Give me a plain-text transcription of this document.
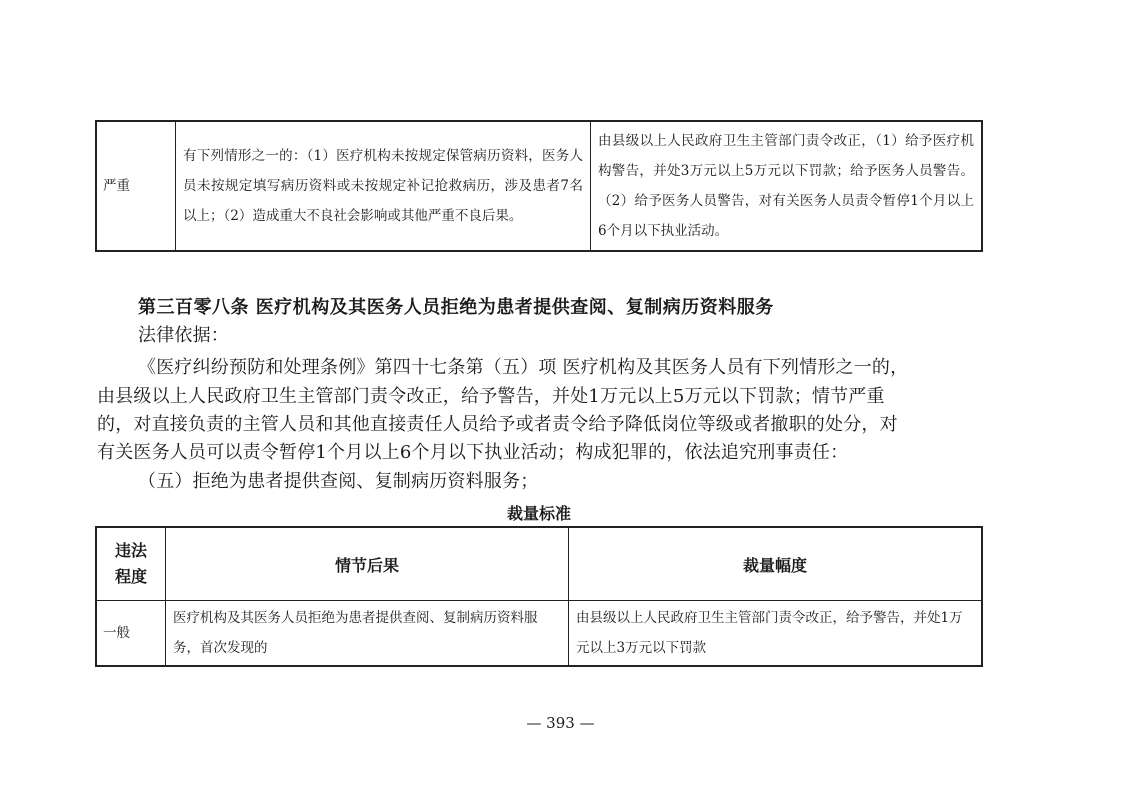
严重	有下列情形之一的：（1）医疗机构未按规定保管病历资料，医务人员未按规定填写病历资料或未按规定补记抢救病历，涉及患者7名以上；（2）造成重大不良社会影响或其他严重不良后果。	由县级以上人民政府卫生主管部门责令改正，（1）给予医疗机构警告，并处3万元以上5万元以下罚款；给予医务人员警告。（2）给予医务人员警告，对有关医务人员责令暂停1个月以上6个月以下执业活动。
第三百零八条 医疗机构及其医务人员拒绝为患者提供查阅、复制病历资料服务
法律依据：
《医疗纠纷预防和处理条例》第四十七条第（五）项 医疗机构及其医务人员有下列情形之一的，
由县级以上人民政府卫生主管部门责令改正，给予警告，并处1万元以上5万元以下罚款；情节严重
的，对直接负责的主管人员和其他直接责任人员给予或者责令给予降低岗位等级或者撤职的处分，对
有关医务人员可以责令暂停1个月以上6个月以下执业活动；构成犯罪的，依法追究刑事责任：
（五）拒绝为患者提供查阅、复制病历资料服务；
裁量标准
违法
程度	情节后果	裁量幅度
一般	医疗机构及其医务人员拒绝为患者提供查阅、复制病历资料服务，首次发现的	由县级以上人民政府卫生主管部门责令改正，给予警告，并处1万元以上3万元以下罚款
— 393 —
